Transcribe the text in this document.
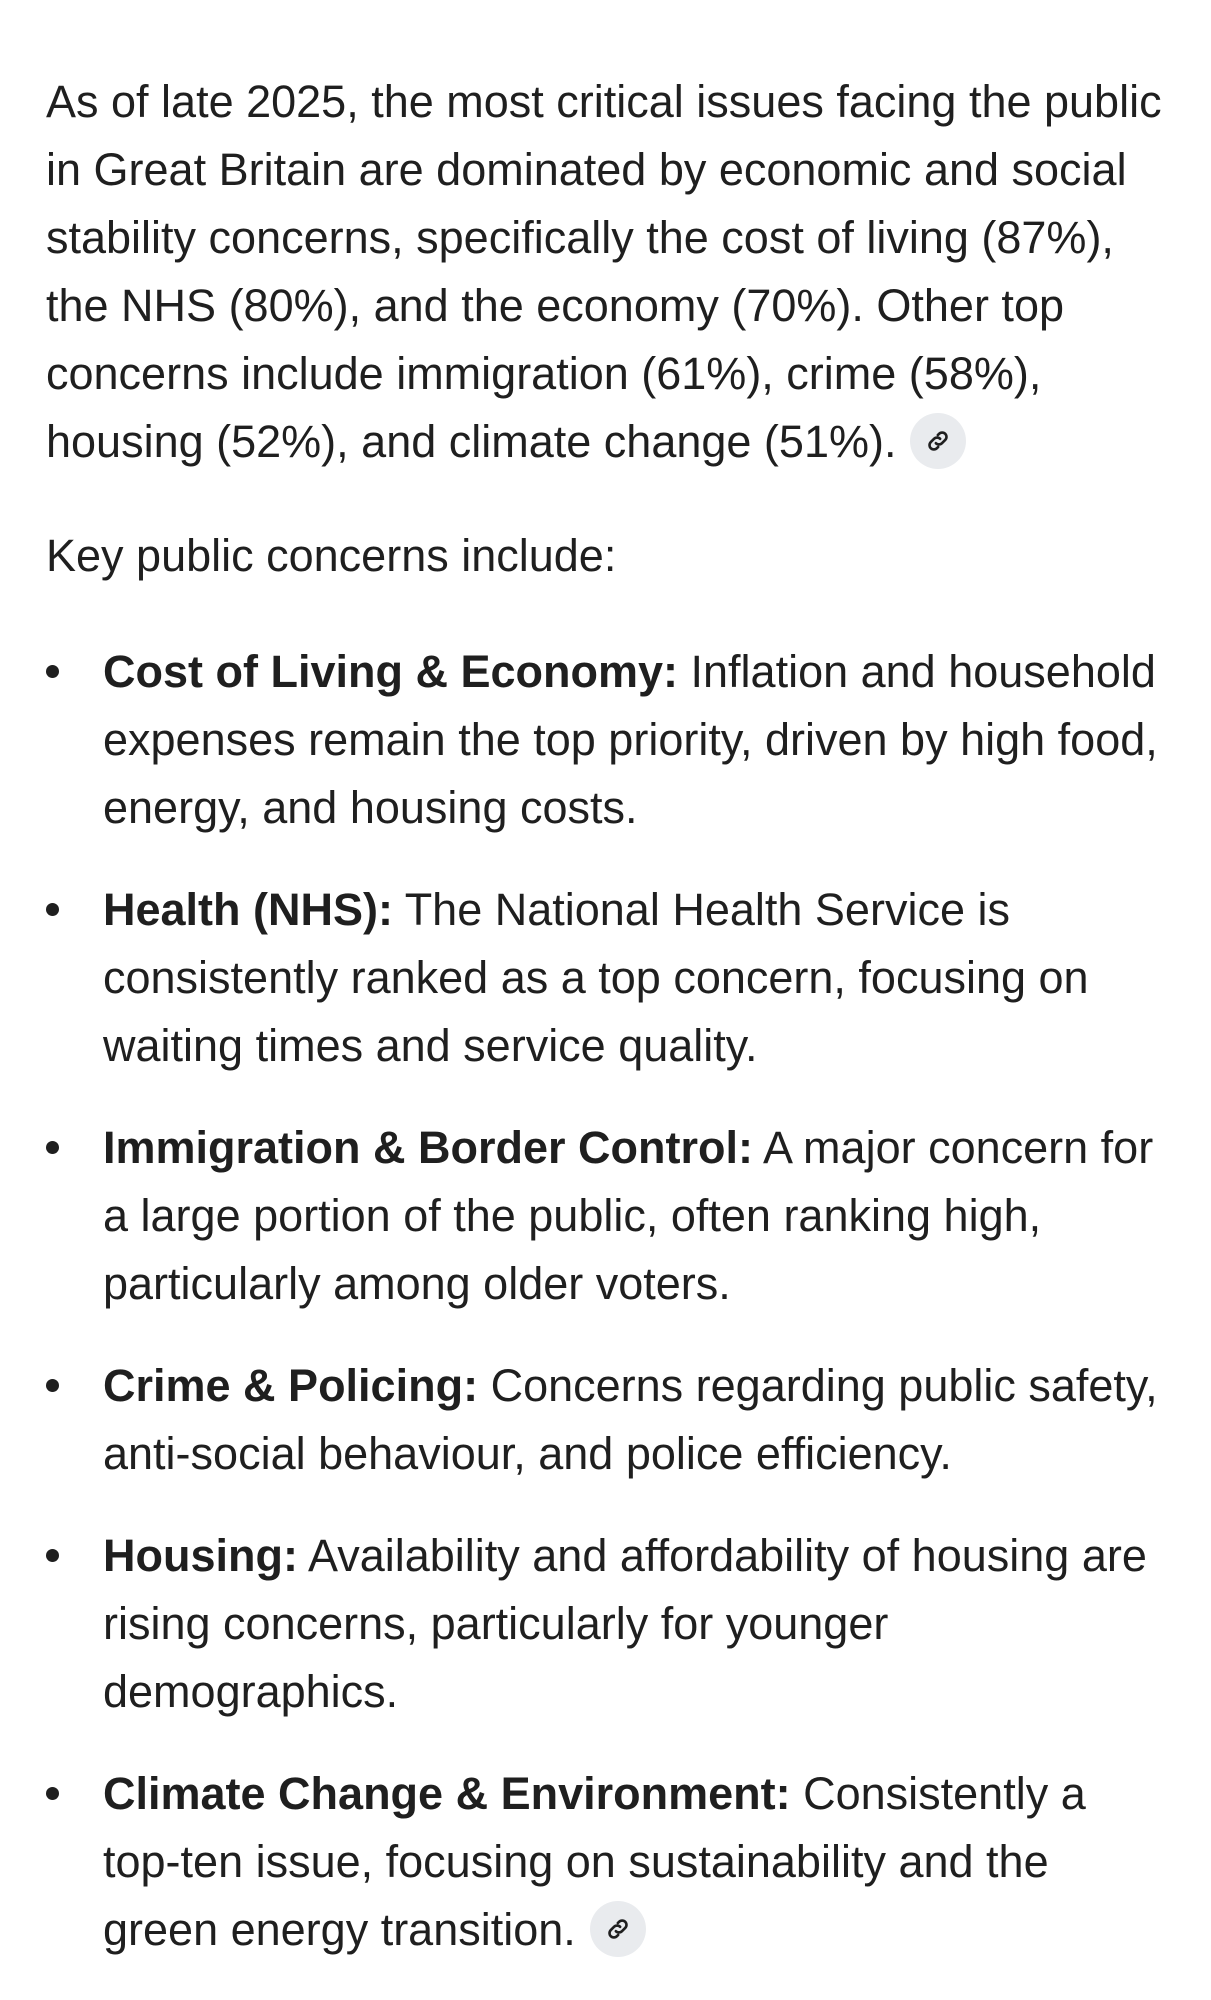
As of late 2025, the most critical issues facing the public in Great Britain are dominated by economic and social stability concerns, specifically the cost of living (87%), the NHS (80%), and the economy (70%). Other top concerns include immigration (61%), crime (58%), housing (52%), and climate change (51%).

Key public concerns include:

Cost of Living & Economy: Inflation and household expenses remain the top priority, driven by high food, energy, and housing costs.
Health (NHS): The National Health Service is consistently ranked as a top concern, focusing on waiting times and service quality.
Immigration & Border Control: A major concern for a large portion of the public, often ranking high, particularly among older voters.
Crime & Policing: Concerns regarding public safety, anti-social behaviour, and police efficiency.
Housing: Availability and affordability of housing are rising concerns, particularly for younger demographics.
Climate Change & Environment: Consistently a top-ten issue, focusing on sustainability and the green energy transition.
